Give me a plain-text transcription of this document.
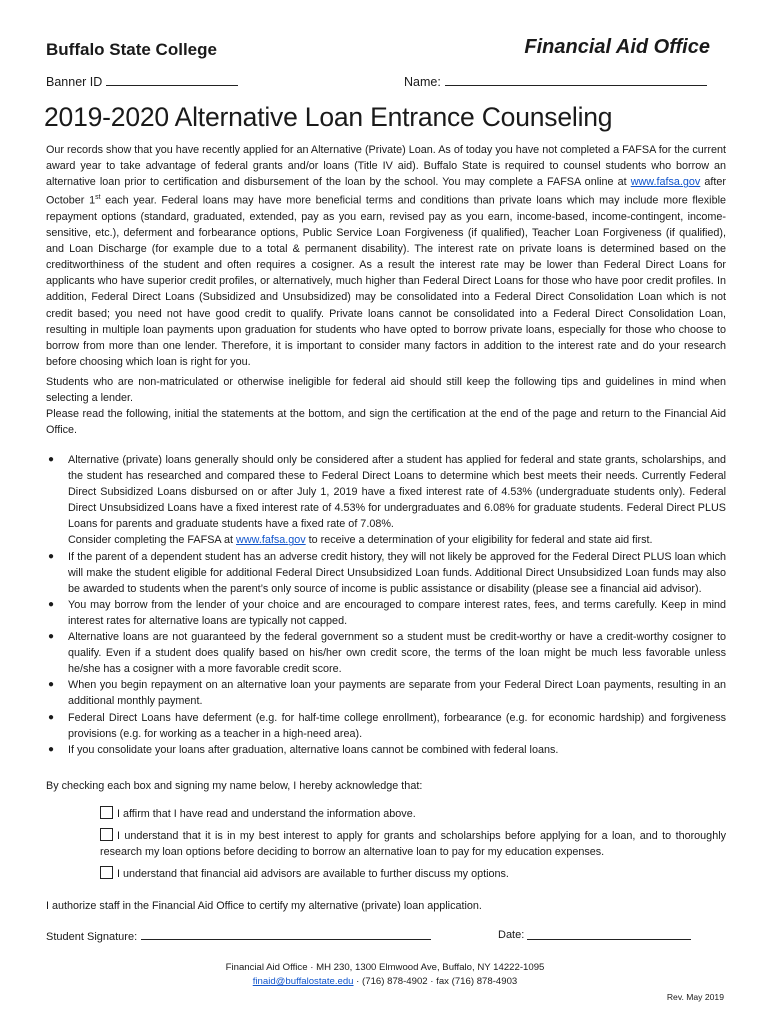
Buffalo State College	Financial Aid Office
Banner ID	Name:
2019-2020 Alternative Loan Entrance Counseling

Our records show that you have recently applied for an Alternative (Private) Loan. As of today you have not completed a FAFSA for the current award year to take advantage of federal grants and/or loans (Title IV aid). Buffalo State is required to counsel students who borrow an alternative loan prior to certification and disbursement of the loan by the school. You may complete a FAFSA online at www.fafsa.gov after October 1st each year. Federal loans may have more beneficial terms and conditions than private loans which may include more flexible repayment options (standard, graduated, extended, pay as you earn, revised pay as you earn, income-based, income-contingent, income-sensitive, etc.), deferment and forbearance options, Public Service Loan Forgiveness (if qualified), Teacher Loan Forgiveness (if qualified), and Loan Discharge (for example due to a total & permanent disability). The interest rate on private loans is determined based on the creditworthiness of the student and often requires a cosigner. As a result the interest rate may be lower than Federal Direct Loans for applicants who have superior credit profiles, or alternatively, much higher than Federal Direct Loans for those who have poor credit profiles. In addition, Federal Direct Loans (Subsidized and Unsubsidized) may be consolidated into a Federal Direct Consolidation Loan which is not credit based; you need not have good credit to qualify. Private loans cannot be consolidated into a Federal Direct Consolidation Loan, resulting in multiple loan payments upon graduation for students who have opted to borrow private loans, especially for those who choose to borrow from more than one lender. Therefore, it is important to consider many factors in addition to the interest rate and do your research before choosing which loan is right for you.

Students who are non-matriculated or otherwise ineligible for federal aid should still keep the following tips and guidelines in mind when selecting a lender.

Please read the following, initial the statements at the bottom, and sign the certification at the end of the page and return to the Financial Aid Office.

● Alternative (private) loans generally should only be considered after a student has applied for federal and state grants, scholarships, and the student has researched and compared these to Federal Direct Loans to determine which best meets their needs. Currently Federal Direct Subsidized Loans disbursed on or after July 1, 2019 have a fixed interest rate of 4.53% (undergraduate students only). Federal Direct Unsubsidized Loans have a fixed interest rate of 4.53% for undergraduates and 6.08% for graduate students. Federal Direct PLUS Loans for parents and graduate students have a fixed rate of 7.08%.
Consider completing the FAFSA at www.fafsa.gov to receive a determination of your eligibility for federal and state aid first.
● If the parent of a dependent student has an adverse credit history, they will not likely be approved for the Federal Direct PLUS loan which will make the student eligible for additional Federal Direct Unsubsidized Loan funds. Additional Direct Unsubsidized Loan funds may also be awarded to students when the parent’s only source of income is public assistance or disability (please see a financial aid advisor).
● You may borrow from the lender of your choice and are encouraged to compare interest rates, fees, and terms carefully. Keep in mind interest rates for alternative loans are typically not capped.
● Alternative loans are not guaranteed by the federal government so a student must be credit-worthy or have a credit-worthy cosigner to qualify. Even if a student does qualify based on his/her own credit score, the terms of the loan might be much less favorable unless he/she has a cosigner with a more favorable credit score.
● When you begin repayment on an alternative loan your payments are separate from your Federal Direct Loan payments, resulting in an additional monthly payment.
● Federal Direct Loans have deferment (e.g. for half-time college enrollment), forbearance (e.g. for economic hardship) and forgiveness provisions (e.g. for working as a teacher in a high-need area).
● If you consolidate your loans after graduation, alternative loans cannot be combined with federal loans.

By checking each box and signing my name below, I hereby acknowledge that:

I affirm that I have read and understand the information above.
I understand that it is in my best interest to apply for grants and scholarships before applying for a loan, and to thoroughly research my loan options before deciding to borrow an alternative loan to pay for my education expenses.
I understand that financial aid advisors are available to further discuss my options.

I authorize staff in the Financial Aid Office to certify my alternative (private) loan application.

Student Signature:	Date:
Financial Aid Office · MH 230, 1300 Elmwood Ave, Buffalo, NY 14222-1095
finaid@buffalostate.edu · (716) 878-4902 · fax (716) 878-4903
Rev. May 2019
